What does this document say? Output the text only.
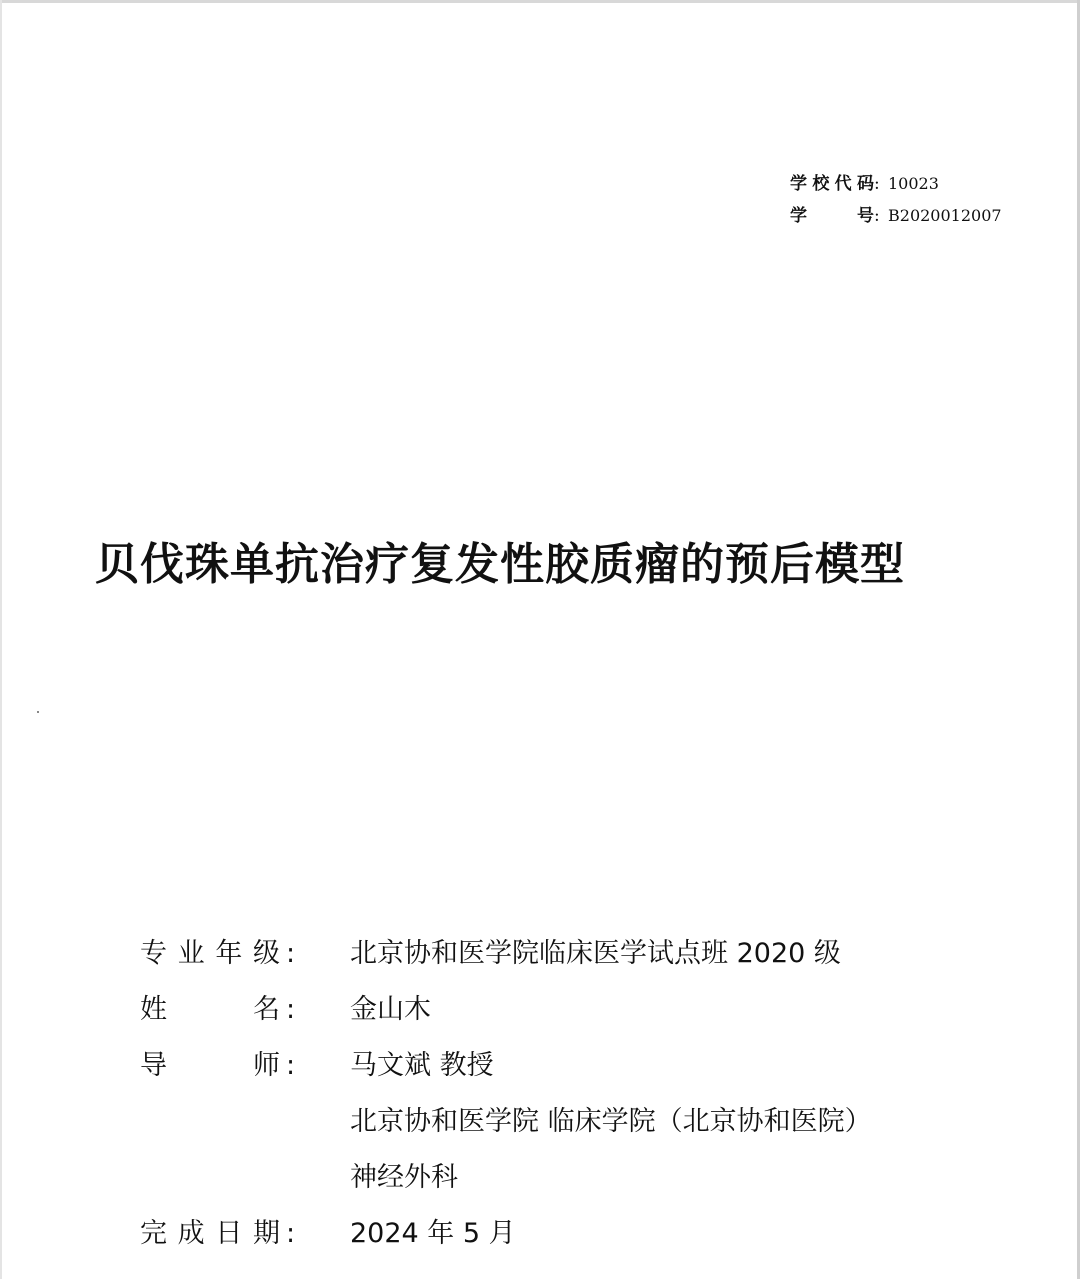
学校代码 : 10023
学号 : B2020012007
贝伐珠单抗治疗复发性胶质瘤的预后模型
专业年级 :	北京协和医学院临床医学试点班 2020 级
姓名 :	金山木
导师 :	马文斌 教授
北京协和医学院 临床学院（北京协和医院）
神经外科
完成日期 :	2024 年 5 月
